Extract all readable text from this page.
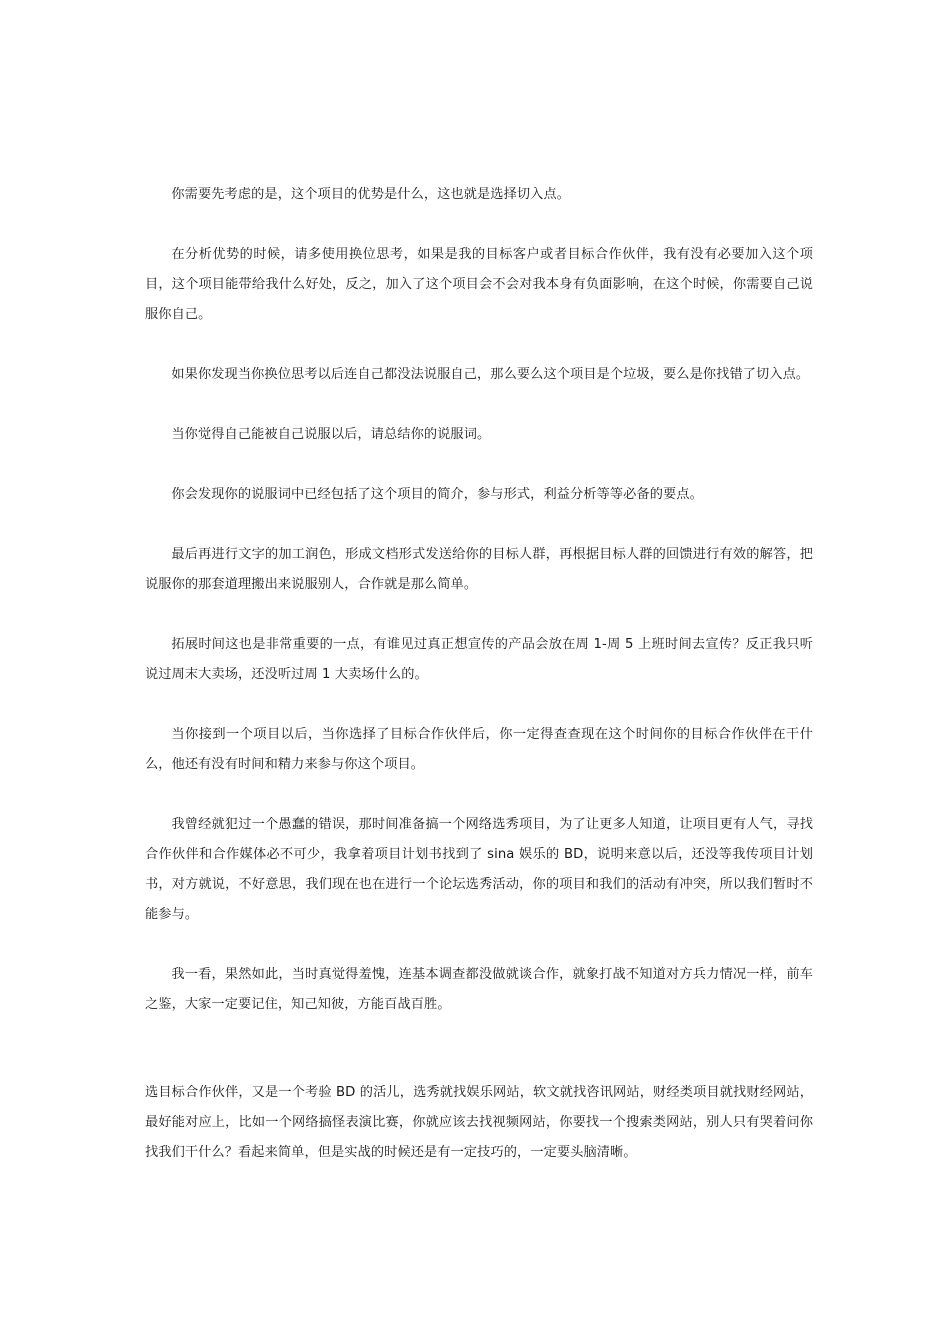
你需要先考虑的是，这个项目的优势是什么，这也就是选择切入点。

在分析优势的时候，请多使用换位思考，如果是我的目标客户或者目标合作伙伴，我有没有必要加入这个项目，这个项目能带给我什么好处，反之，加入了这个项目会不会对我本身有负面影响，在这个时候，你需要自己说服你自己。

如果你发现当你换位思考以后连自己都没法说服自己，那么要么这个项目是个垃圾，要么是你找错了切入点。

当你觉得自己能被自己说服以后，请总结你的说服词。

你会发现你的说服词中已经包括了这个项目的简介，参与形式，利益分析等等必备的要点。

最后再进行文字的加工润色，形成文档形式发送给你的目标人群，再根据目标人群的回馈进行有效的解答，把说服你的那套道理搬出来说服别人，合作就是那么简单。

拓展时间这也是非常重要的一点，有谁见过真正想宣传的产品会放在周 1-周 5 上班时间去宣传？反正我只听说过周末大卖场，还没听过周 1 大卖场什么的。

当你接到一个项目以后，当你选择了目标合作伙伴后，你一定得查查现在这个时间你的目标合作伙伴在干什么，他还有没有时间和精力来参与你这个项目。

我曾经就犯过一个愚蠢的错误，那时间准备搞一个网络选秀项目，为了让更多人知道，让项目更有人气，寻找合作伙伴和合作媒体必不可少，我拿着项目计划书找到了 sina 娱乐的 BD，说明来意以后，还没等我传项目计划书，对方就说，不好意思，我们现在也在进行一个论坛选秀活动，你的项目和我们的活动有冲突，所以我们暂时不能参与。

我一看，果然如此，当时真觉得羞愧，连基本调查都没做就谈合作，就象打战不知道对方兵力情况一样，前车之鉴，大家一定要记住，知己知彼，方能百战百胜。

选目标合作伙伴，又是一个考验 BD 的活儿，选秀就找娱乐网站，软文就找咨讯网站，财经类项目就找财经网站，最好能对应上，比如一个网络搞怪表演比赛，你就应该去找视频网站，你要找一个搜索类网站，别人只有哭着问你找我们干什么？看起来简单，但是实战的时候还是有一定技巧的，一定要头脑清晰。
